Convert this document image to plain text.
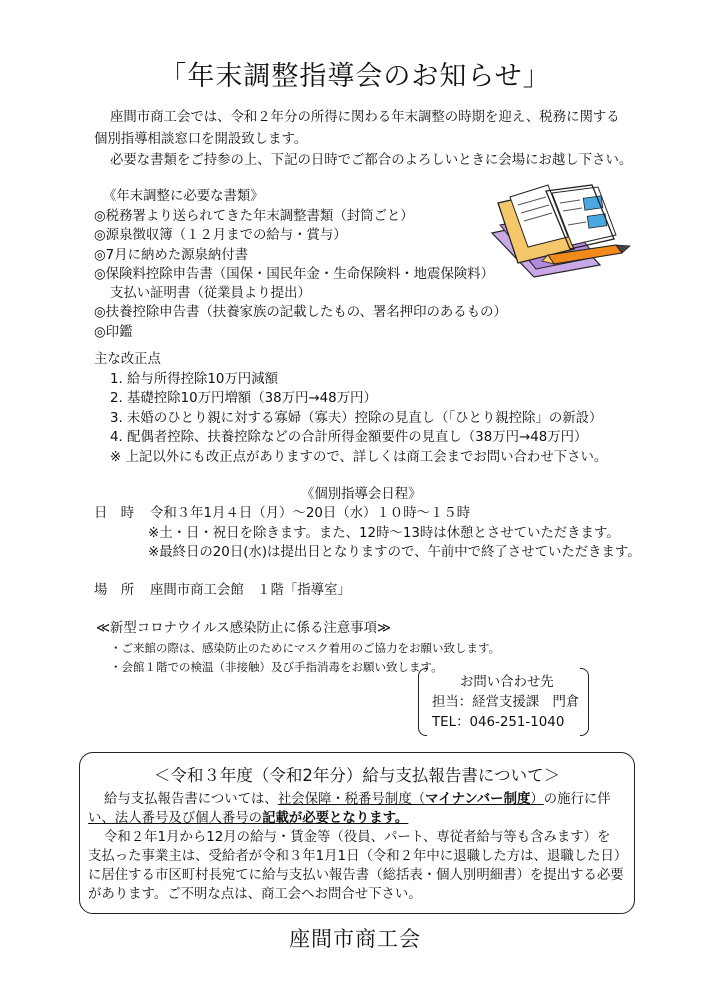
「年末調整指導会のお知らせ」
座間市商工会では、令和２年分の所得に関わる年末調整の時期を迎え、税務に関する
個別指導相談窓口を開設致します。
必要な書類をご持参の上、下記の日時でご都合のよろしいときに会場にお越し下さい。
《年末調整に必要な書類》
◎税務署より送られてきた年末調整書類（封筒ごと）
◎源泉徴収簿（１２月までの給与・賞与）
◎7月に納めた源泉納付書
◎保険料控除申告書（国保・国民年金・生命保険料・地震保険料）
支払い証明書（従業員より提出）
◎扶養控除申告書（扶養家族の記載したもの、署名押印のあるもの）
◎印鑑
主な改正点
1. 給与所得控除10万円減額
2. 基礎控除10万円増額（38万円→48万円）
3. 未婚のひとり親に対する寡婦（寡夫）控除の見直し（「ひとり親控除」の新設）
4. 配偶者控除、扶養控除などの合計所得金額要件の見直し（38万円→48万円）
※ 上記以外にも改正点がありますので、詳しくは商工会までお問い合わせ下さい。
《個別指導会日程》
日　時 令和３年1月４日（月）～20日（水）１０時～１５時
※土・日・祝日を除きます。また、12時～13時は休憩とさせていただきます。
※最終日の20日(水)は提出日となりますので、午前中で終了させていただきます。
場　所 座間市商工会館　１階「指導室」
≪新型コロナウイルス感染防止に係る注意事項≫
・ご来館の際は、感染防止のためにマスク着用のご協力をお願い致します。
・会館１階での検温（非接触）及び手指消毒をお願い致します。
お問い合わせ先
担当：経営支援課　門倉
TEL：046-251-1040
＜令和３年度（令和2年分）給与支払報告書について＞
給与支払報告書については、社会保障・税番号制度（マイナンバー制度）の施行に伴
い、法人番号及び個人番号の記載が必要となります。
令和２年1月から12月の給与・賃金等（役員、パート、専従者給与等も含みます）を
支払った事業主は、受給者が令和３年1月1日（令和２年中に退職した方は、退職した日）
に居住する市区町村長宛てに給与支払い報告書（総括表・個人別明細書）を提出する必要
があります。ご不明な点は、商工会へお問合せ下さい。
座間市商工会
